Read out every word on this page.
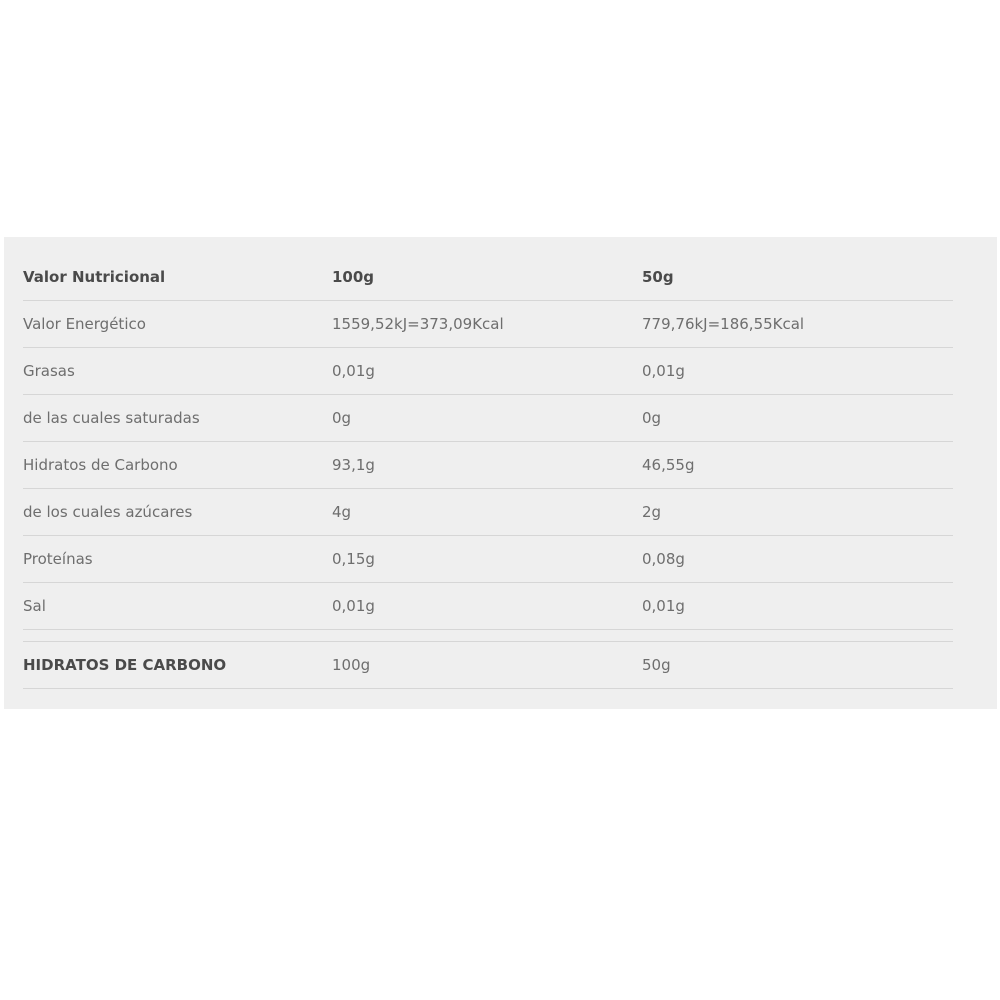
Valor Nutricional	100g	50g
Valor Energético	1559,52kJ=373,09Kcal	779,76kJ=186,55Kcal
Grasas	0,01g	0,01g
de las cuales saturadas	0g	0g
Hidratos de Carbono	93,1g	46,55g
de los cuales azúcares	4g	2g
Proteínas	0,15g	0,08g
Sal	0,01g	0,01g
HIDRATOS DE CARBONO	100g	50g
